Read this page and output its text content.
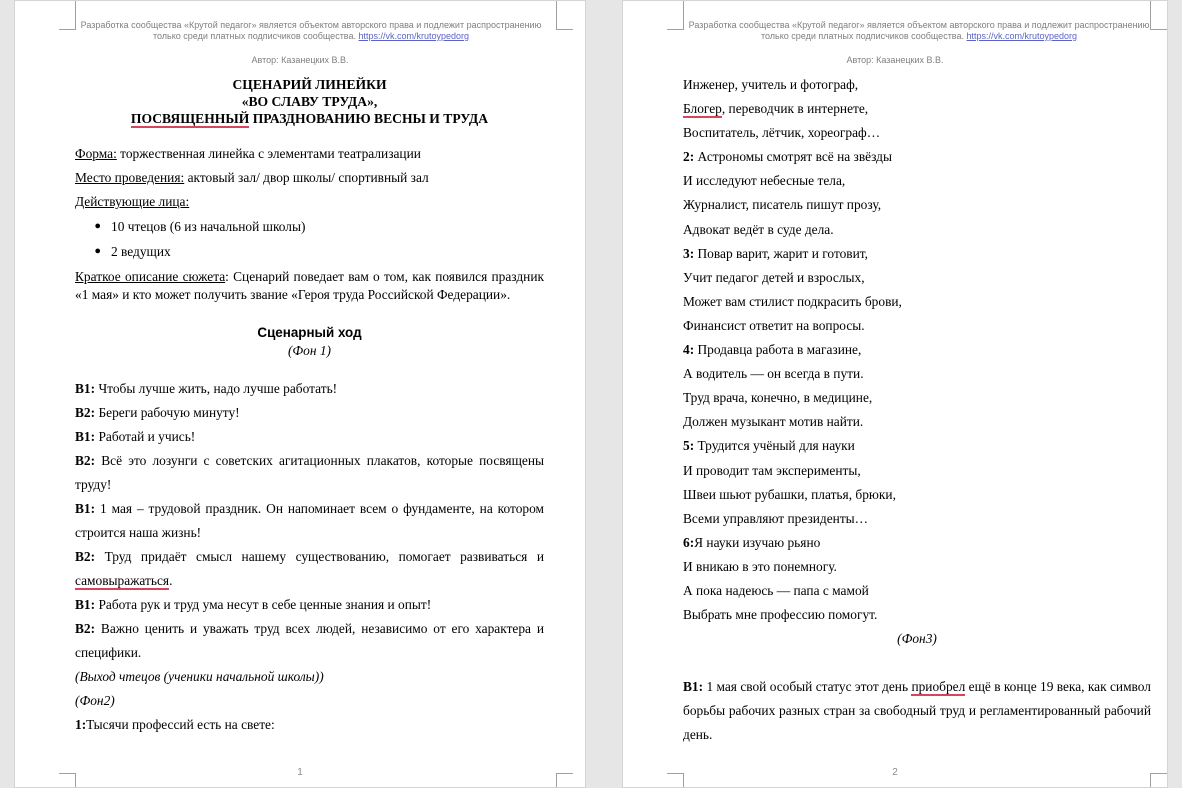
Разработка сообщества «Крутой педагог» является объектом авторского права и подлежит распространению
только среди платных подписчиков сообщества. https://vk.com/krutoypedorg
Автор: Казанецких В.В.
СЦЕНАРИЙ ЛИНЕЙКИ
«ВО СЛАВУ ТРУДА»,
ПОСВЯЩЕННЫЙ ПРАЗДНОВАНИЮ ВЕСНЫ И ТРУДА

Форма: торжественная линейка с элементами театрализации

Место проведения: актовый зал/ двор школы/ спортивный зал

Действующие лица:

● 10 чтецов (6 из начальной школы)
● 2 ведущих

Краткое описание сюжета: Сценарий поведает вам о том, как появился праздник «1 мая» и кто может получить звание «Героя труда Российской Федерации».

Сценарный ход
(Фон 1)

В1: Чтобы лучше жить, надо лучше работать!

В2: Береги рабочую минуту!

В1: Работай и учись!

В2: Всё это лозунги с советских агитационных плакатов, которые посвящены труду!

В1: 1 мая – трудовой праздник. Он напоминает всем о фундаменте, на котором строится наша жизнь!

В2: Труд придаёт смысл нашему существованию, помогает развиваться и самовыражаться.

В1: Работа рук и труд ума несут в себе ценные знания и опыт!

В2: Важно ценить и уважать труд всех людей, независимо от его характера и специфики.

(Выход чтецов (ученики начальной школы))

(Фон2)

1:Тысячи профессий есть на свете:

1
Разработка сообщества «Крутой педагог» является объектом авторского права и подлежит распространению
только среди платных подписчиков сообщества. https://vk.com/krutoypedorg
Автор: Казанецких В.В.

Инженер, учитель и фотограф,

Блогер, переводчик в интернете,

Воспитатель, лётчик, хореограф…

2: Астрономы смотрят всё на звёзды

И исследуют небесные тела,

Журналист, писатель пишут прозу,

Адвокат ведёт в суде дела.

3: Повар варит, жарит и готовит,

Учит педагог детей и взрослых,

Может вам стилист подкрасить брови,

Финансист ответит на вопросы.

4: Продавца работа в магазине,

А водитель — он всегда в пути.

Труд врача, конечно, в медицине,

Должен музыкант мотив найти.

5: Трудится учёный для науки

И проводит там эксперименты,

Швеи шьют рубашки, платья, брюки,

Всеми управляют президенты…

6:Я науки изучаю рьяно

И вникаю в это понемногу.

А пока надеюсь — папа с мамой

Выбрать мне профессию помогут.

(Фон3)

В1: 1 мая свой особый статус этот день приобрел ещё в конце 19 века, как символ борьбы рабочих разных стран за свободный труд и регламентированный рабочий день.

2
